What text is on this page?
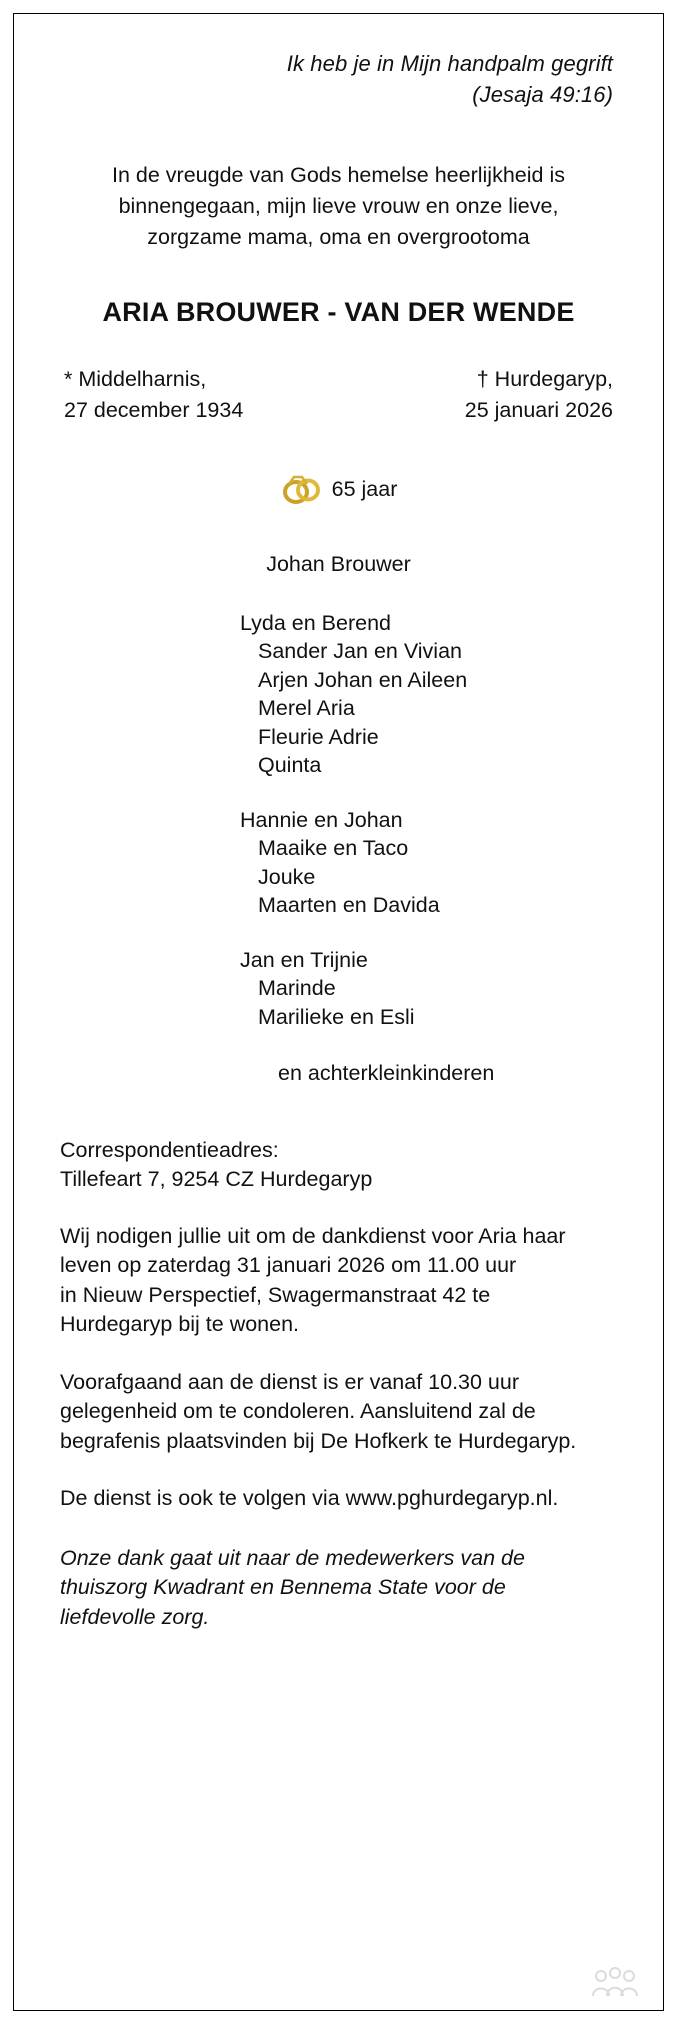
Ik heb je in Mijn handpalm gegrift
(Jesaja 49:16)
In de vreugde van Gods hemelse heerlijkheid is
binnengegaan, mijn lieve vrouw en onze lieve,
zorgzame mama, oma en overgrootoma
ARIA BROUWER - VAN DER WENDE
* Middelharnis,
27 december 1934
† Hurdegaryp,
25 januari 2026
65 jaar
Johan Brouwer
Lyda en Berend
Sander Jan en Vivian
Arjen Johan en Aileen
Merel Aria
Fleurie Adrie
Quinta
Hannie en Johan
Maaike en Taco
Jouke
Maarten en Davida
Jan en Trijnie
Marinde
Marilieke en Esli
en achterkleinkinderen
Correspondentieadres:
Tillefeart 7, 9254 CZ Hurdegaryp
Wij nodigen jullie uit om de dankdienst voor Aria haar
leven op zaterdag 31 januari 2026 om 11.00 uur
in Nieuw Perspectief, Swagermanstraat 42 te
Hurdegaryp bij te wonen.
Voorafgaand aan de dienst is er vanaf 10.30 uur
gelegenheid om te condoleren. Aansluitend zal de
begrafenis plaatsvinden bij De Hofkerk te Hurdegaryp.
De dienst is ook te volgen via www.pghurdegaryp.nl.
Onze dank gaat uit naar de medewerkers van de
thuiszorg Kwadrant en Bennema State voor de
liefdevolle zorg.
